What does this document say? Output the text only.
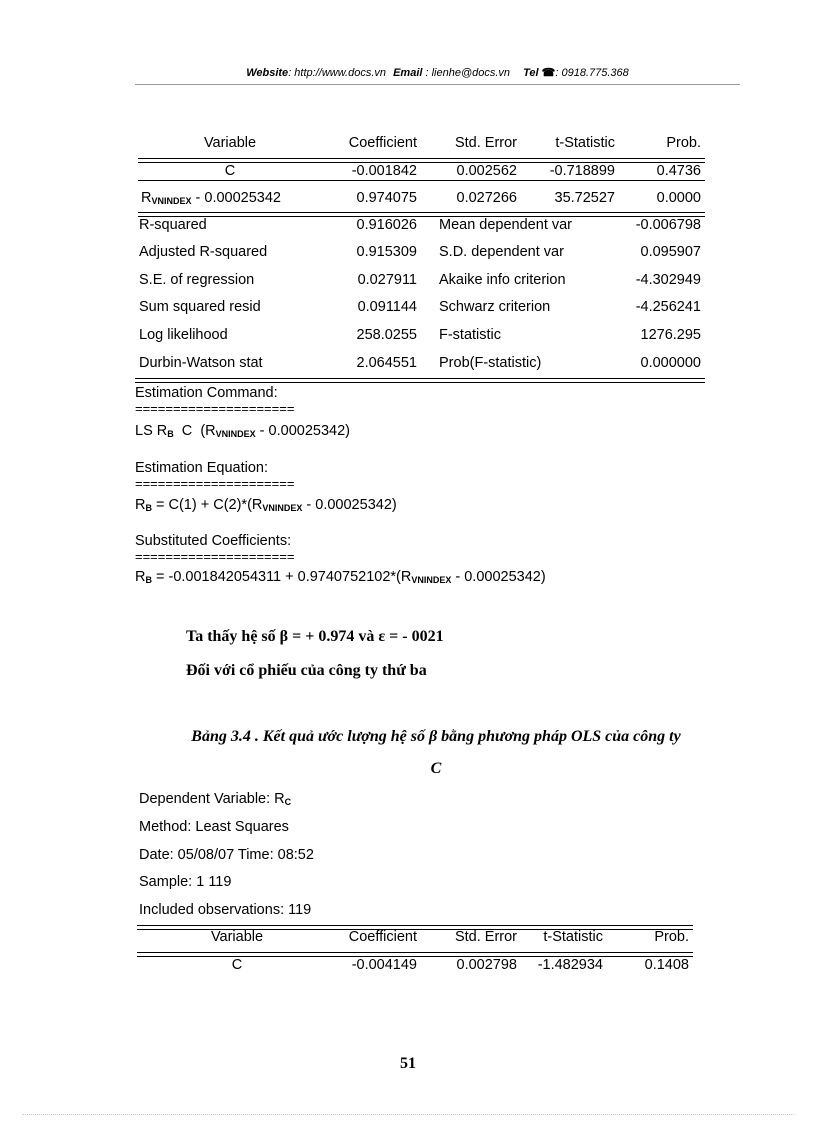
Website: http://www.docs.vn Email : lienhe@docs.vn Tel ☎: 0918.775.368
Variable	Coefficient	Std. Error	t-Statistic	Prob.
C	-0.001842	0.002562	-0.718899	0.4736
$R_{VNINDEX} - 0.00025342$	0.974075	0.027266	35.72527	0.0000
R-squared	0.916026 Mean dependent var	-0.006798
Adjusted R-squared	0.915309 S.D. dependent var	0.095907
S.E. of regression	0.027911 Akaike info criterion	-4.302949
Sum squared resid	0.091144 Schwarz criterion	-4.256241
Log likelihood	258.0255 F-statistic	1276.295
Durbin-Watson stat	2.064551 Prob(F-statistic)	0.000000
Estimation Command:
=====================
LS $R_B$  C  $(R_{VNINDEX} - 0.00025342)$
Estimation Equation:
=====================
$R_B = C(1) + C(2)*(R_{VNINDEX} - 0.00025342)$
Substituted Coefficients:
=====================
$R_B = -0.001842054311 + 0.9740752102*(R_{VNINDEX} - 0.00025342)$
Ta thấy hệ số β = + 0.974 và ε = - 0021
Đối với cổ phiếu của công ty thứ ba
Bảng 3.4 . Kết quả ước lượng hệ số β bằng phương pháp OLS của công ty
C
Dependent Variable: $R_C$
Method: Least Squares
Date: 05/08/07 Time: 08:52
Sample: 1 119
Included observations: 119
Variable	Coefficient	Std. Error	t-Statistic	Prob.
C	-0.004149	0.002798	-1.482934	0.1408
51
